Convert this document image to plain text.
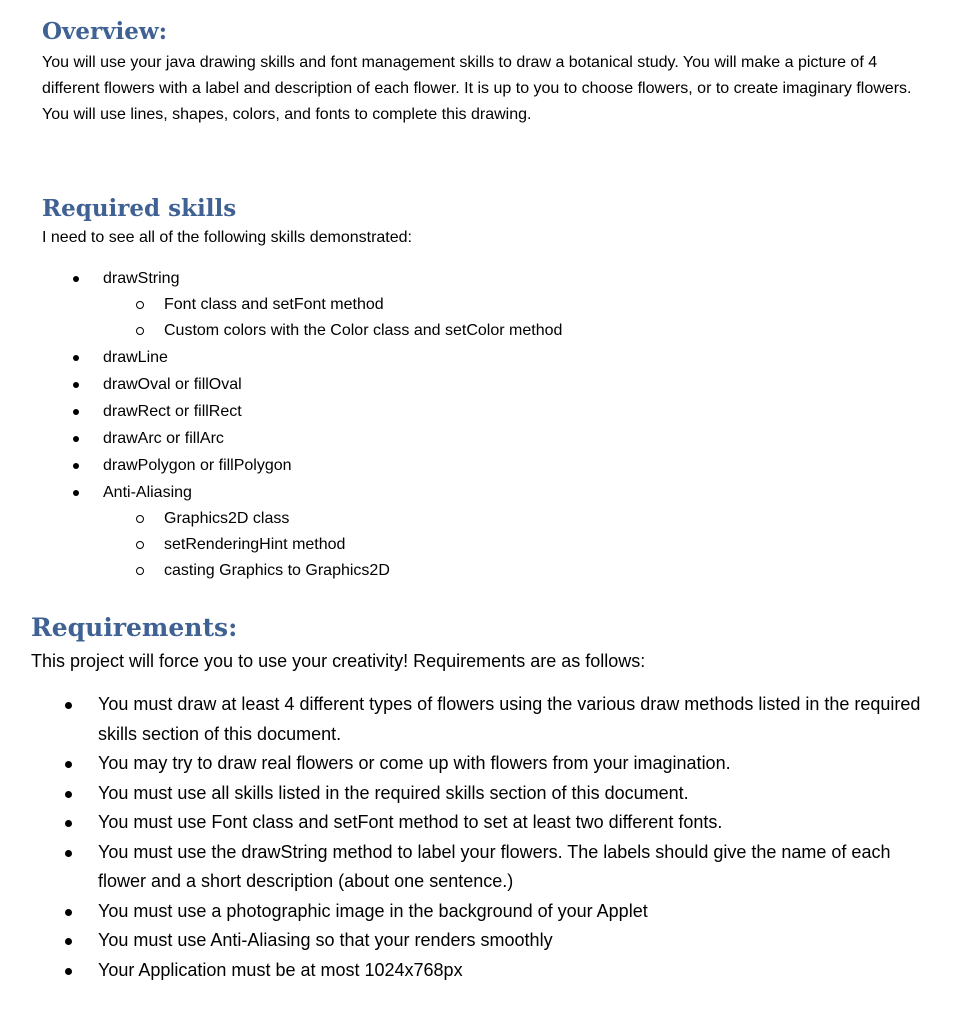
Overview:

You will use your java drawing skills and font management skills to draw a botanical study. You will make a picture of 4 different flowers with a label and description of each flower. It is up to you to choose flowers, or to create imaginary flowers. You will use lines, shapes, colors, and fonts to complete this drawing.

Required skills

I need to see all of the following skills demonstrated:

drawString
Font class and setFont method
Custom colors with the Color class and setColor method
drawLine
drawOval or fillOval
drawRect or fillRect
drawArc or fillArc
drawPolygon or fillPolygon
Anti-Aliasing
Graphics2D class
setRenderingHint method
casting Graphics to Graphics2D
Requirements:

This project will force you to use your creativity! Requirements are as follows:

You must draw at least 4 different types of flowers using the various draw methods listed in the required skills section of this document.
You may try to draw real flowers or come up with flowers from your imagination.
You must use all skills listed in the required skills section of this document.
You must use Font class and setFont method to set at least two different fonts.
You must use the drawString method to label your flowers. The labels should give the name of each flower and a short description (about one sentence.)
You must use a photographic image in the background of your Applet
You must use Anti-Aliasing so that your renders smoothly
Your Application must be at most 1024x768px
